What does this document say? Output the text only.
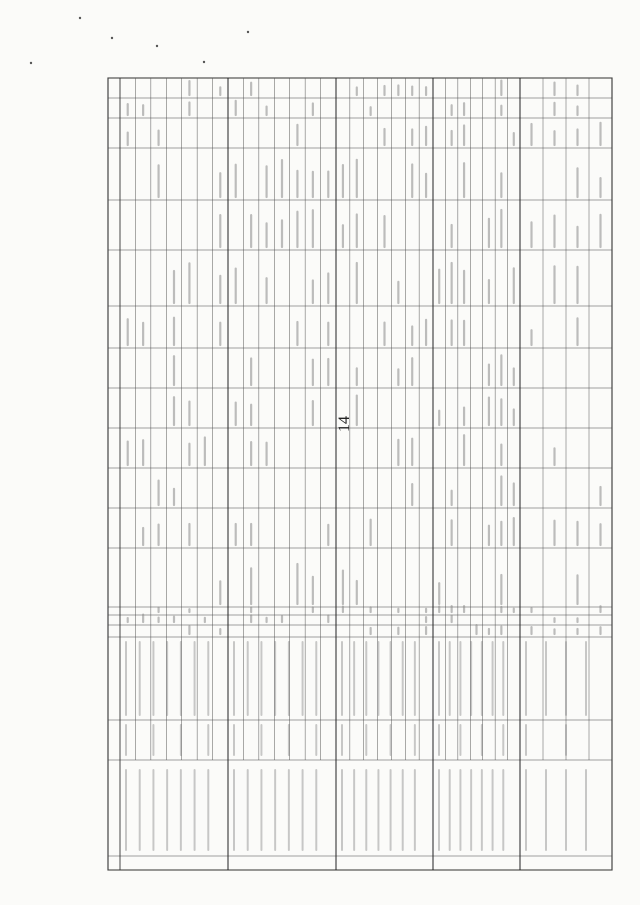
14
